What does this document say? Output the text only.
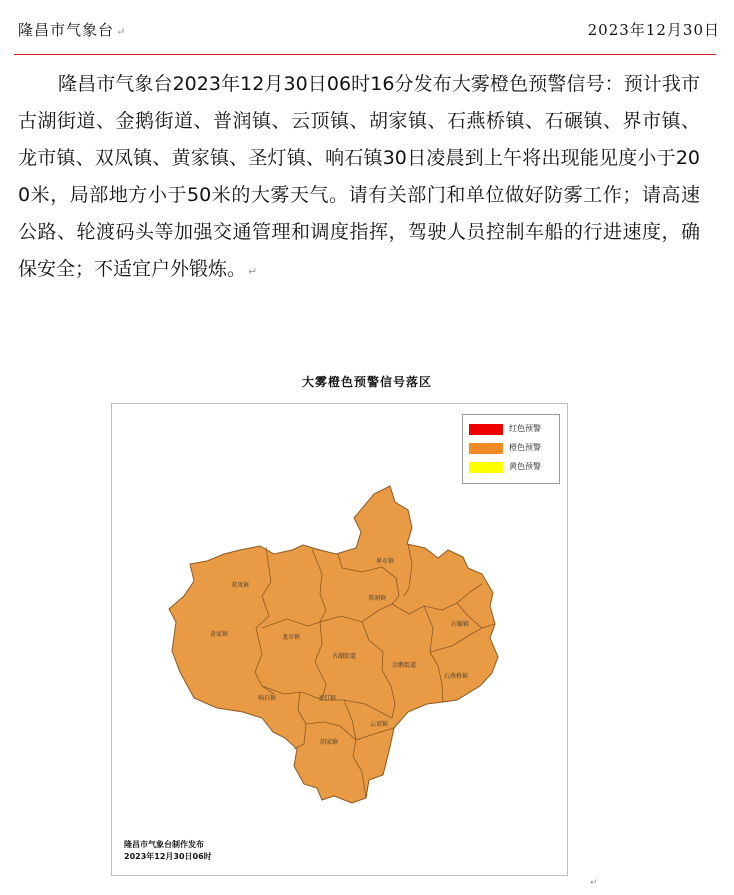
隆昌市气象台 ↵	2023年12月30日
隆昌市气象台2023年12月30日06时16分发布大雾橙色预警信号：预计我市古湖街道、金鹅街道、普润镇、云顶镇、胡家镇、石燕桥镇、石碾镇、界市镇、龙市镇、双凤镇、黄家镇、圣灯镇、响石镇30日凌晨到上午将出现能见度小于200米，局部地方小于50米的大雾天气。请有关部门和单位做好防雾工作；请高速公路、轮渡码头等加强交通管理和调度指挥，驾驶人员控制车船的行进速度，确保安全；不适宜户外锻炼。 ↵
大雾橙色预警信号落区
界市镇
双凤镇
普润镇
黄家镇	龙市镇
石碾镇
古湖街道
金鹅街道
石燕桥镇
响石镇	圣灯镇
云顶镇
胡家镇
红色预警
橙色预警
黄色预警
隆昌市气象台制作发布
2023年12月30日06时
↵
